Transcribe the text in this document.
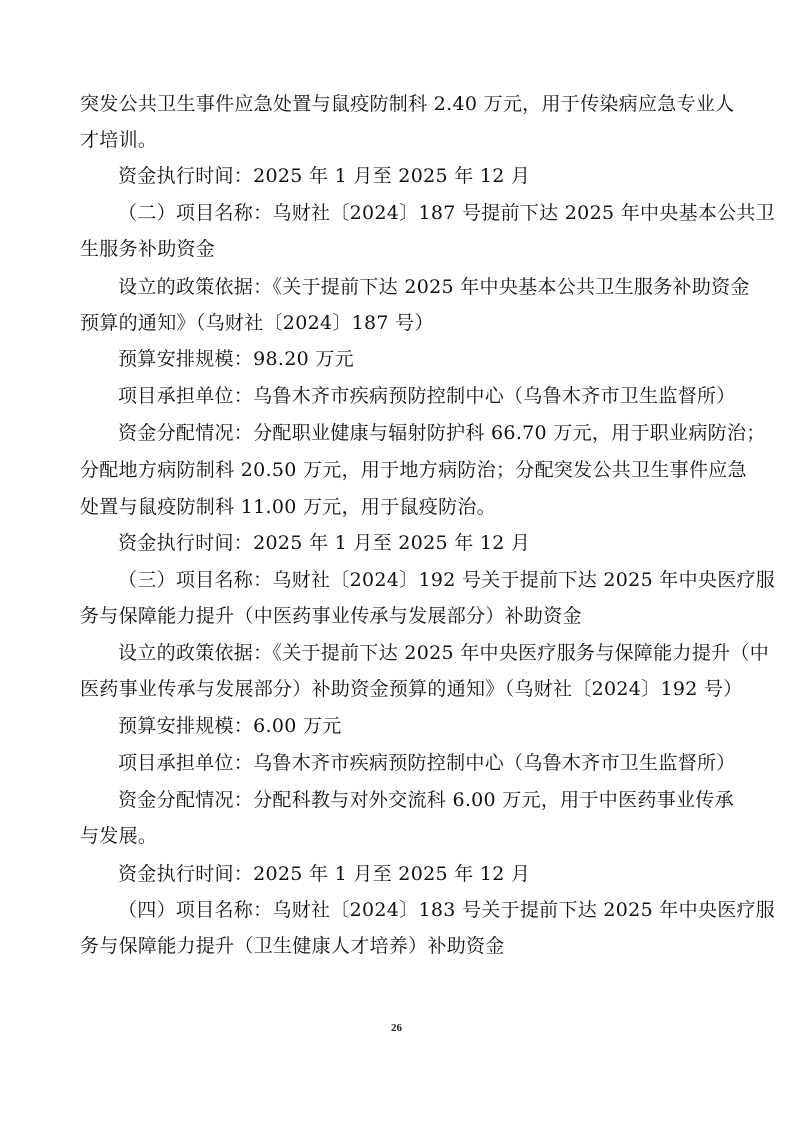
突发公共卫生事件应急处置与鼠疫防制科 2.40 万元，用于传染病应急专业人
才培训。
资金执行时间：2025 年 1 月至 2025 年 12 月
（二）项目名称：乌财社〔2024〕187 号提前下达 2025 年中央基本公共卫
生服务补助资金
设立的政策依据：《关于提前下达 2025 年中央基本公共卫生服务补助资金
预算的通知》（乌财社〔2024〕187 号）
预算安排规模：98.20 万元
项目承担单位：乌鲁木齐市疾病预防控制中心（乌鲁木齐市卫生监督所）
资金分配情况：分配职业健康与辐射防护科 66.70 万元，用于职业病防治；
分配地方病防制科 20.50 万元，用于地方病防治；分配突发公共卫生事件应急
处置与鼠疫防制科 11.00 万元，用于鼠疫防治。
资金执行时间：2025 年 1 月至 2025 年 12 月
（三）项目名称：乌财社〔2024〕192 号关于提前下达 2025 年中央医疗服
务与保障能力提升（中医药事业传承与发展部分）补助资金
设立的政策依据：《关于提前下达 2025 年中央医疗服务与保障能力提升（中
医药事业传承与发展部分）补助资金预算的通知》（乌财社〔2024〕192 号）
预算安排规模：6.00 万元
项目承担单位：乌鲁木齐市疾病预防控制中心（乌鲁木齐市卫生监督所）
资金分配情况：分配科教与对外交流科 6.00 万元，用于中医药事业传承
与发展。
资金执行时间：2025 年 1 月至 2025 年 12 月
（四）项目名称：乌财社〔2024〕183 号关于提前下达 2025 年中央医疗服
务与保障能力提升（卫生健康人才培养）补助资金
26
